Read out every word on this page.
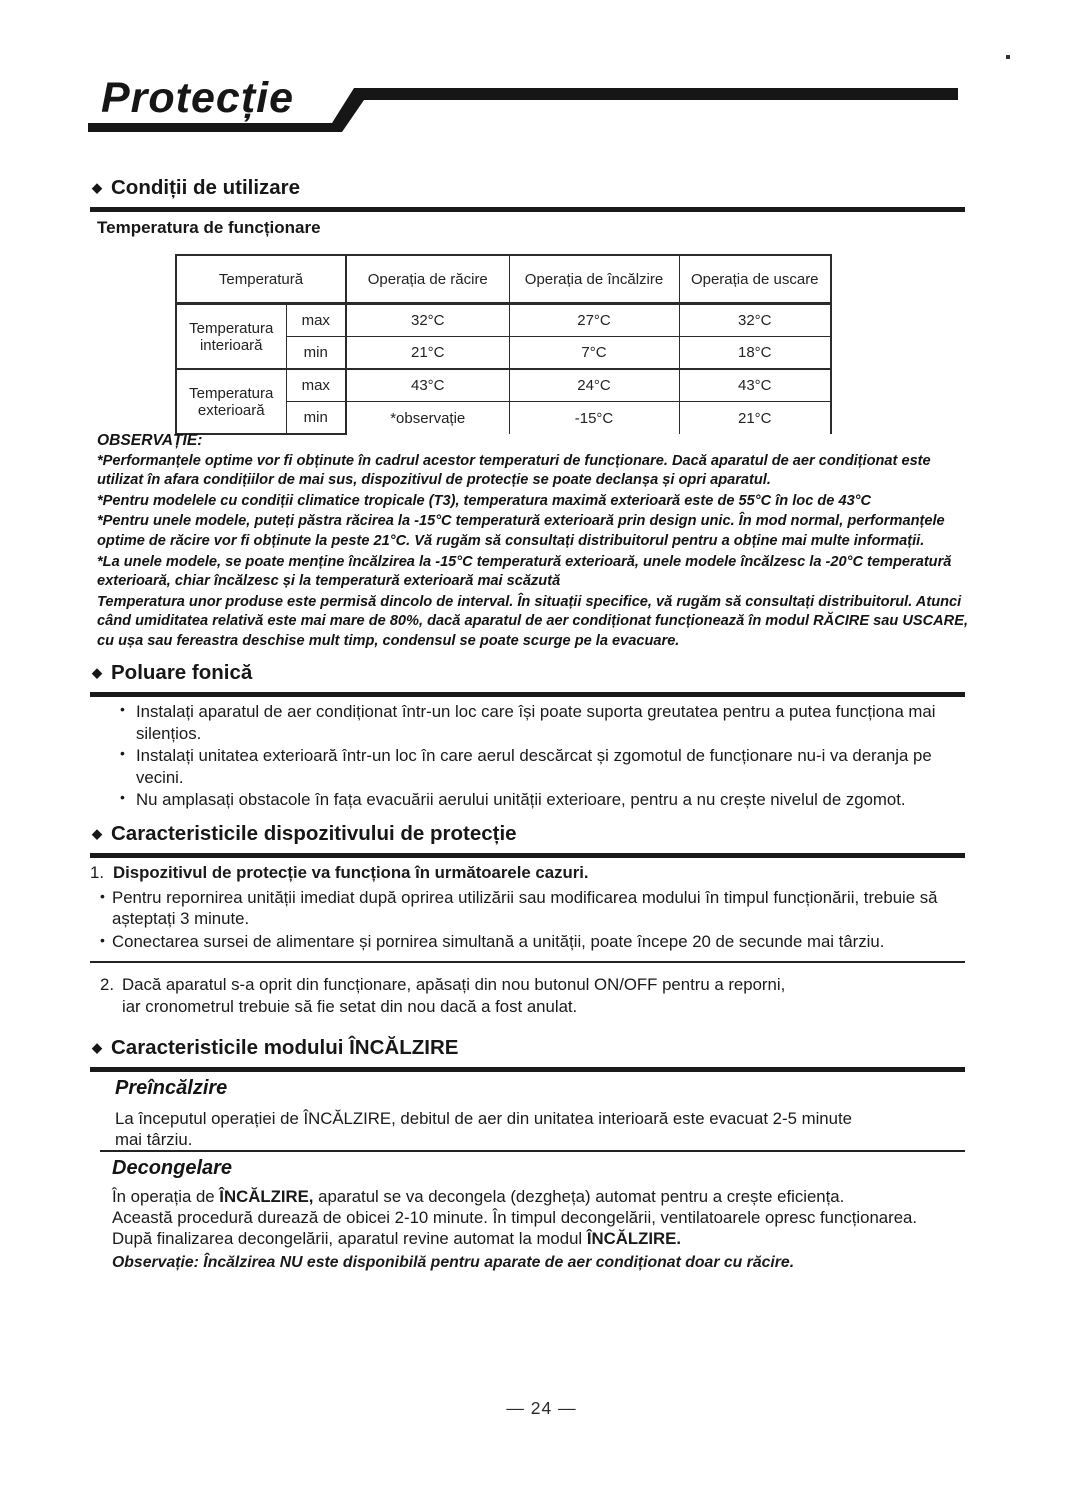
Protecție
◆ Condiții de utilizare
Temperatura de funcționare
Temperatură		Operația de răcire	Operația de încălzire	Operația de uscare
Temperatura interioară	max	32°C	27°C	32°C
	min	21°C	7°C	18°C
Temperatura exterioară	max	43°C	24°C	43°C
	min	*observație	-15°C	21°C

OBSERVAȚIE:

*Performanțele optime vor fi obținute în cadrul acestor temperaturi de funcționare. Dacă aparatul de aer condiționat este utilizat în afara condițiilor de mai sus, dispozitivul de protecție se poate declanșa și opri aparatul.

*Pentru modelele cu condiții climatice tropicale (T3), temperatura maximă exterioară este de 55°C în loc de 43°C

*Pentru unele modele, puteți păstra răcirea la -15°C temperatură exterioară prin design unic. În mod normal, performanțele optime de răcire vor fi obținute la peste 21°C. Vă rugăm să consultați distribuitorul pentru a obține mai multe informații.

*La unele modele, se poate menține încălzirea la -15°C temperatură exterioară, unele modele încălzesc la -20°C temperatură exterioară, chiar încălzesc și la temperatură exterioară mai scăzută

Temperatura unor produse este permisă dincolo de interval. În situații specifice, vă rugăm să consultați distribuitorul. Atunci când umiditatea relativă este mai mare de 80%, dacă aparatul de aer condiționat funcționează în modul RĂCIRE sau USCARE, cu ușa sau fereastra deschise mult timp, condensul se poate scurge pe la evacuare.

◆ Poluare fonică
• Instalați aparatul de aer condiționat într-un loc care își poate suporta greutatea pentru a putea funcționa mai silențios.
• Instalați unitatea exterioară într-un loc în care aerul descărcat și zgomotul de funcționare nu-i va deranja pe vecini.
• Nu amplasați obstacole în fața evacuării aerului unității exterioare, pentru a nu crește nivelul de zgomot.
◆ Caracteristicile dispozitivului de protecție
1. Dispozitivul de protecție va funcționa în următoarele cazuri.
• Pentru repornirea unității imediat după oprirea utilizării sau modificarea modului în timpul funcționării, trebuie să așteptați 3 minute.
• Conectarea sursei de alimentare și pornirea simultană a unității, poate începe 20 de secunde mai târziu.
2. Dacă aparatul s-a oprit din funcționare, apăsați din nou butonul ON/OFF pentru a reporni,
iar cronometrul trebuie să fie setat din nou dacă a fost anulat.
◆ Caracteristicile modului ÎNCĂLZIRE

Preîncălzire

La începutul operației de ÎNCĂLZIRE, debitul de aer din unitatea interioară este evacuat 2-5 minute
mai târziu.

Decongelare

În operația de ÎNCĂLZIRE, aparatul se va decongela (dezgheța) automat pentru a crește eficiența.
Această procedură durează de obicei 2-10 minute. În timpul decongelării, ventilatoarele opresc funcționarea.
După finalizarea decongelării, aparatul revine automat la modul ÎNCĂLZIRE.
Observație: Încălzirea NU este disponibilă pentru aparate de aer condiționat doar cu răcire.
— 24 —
